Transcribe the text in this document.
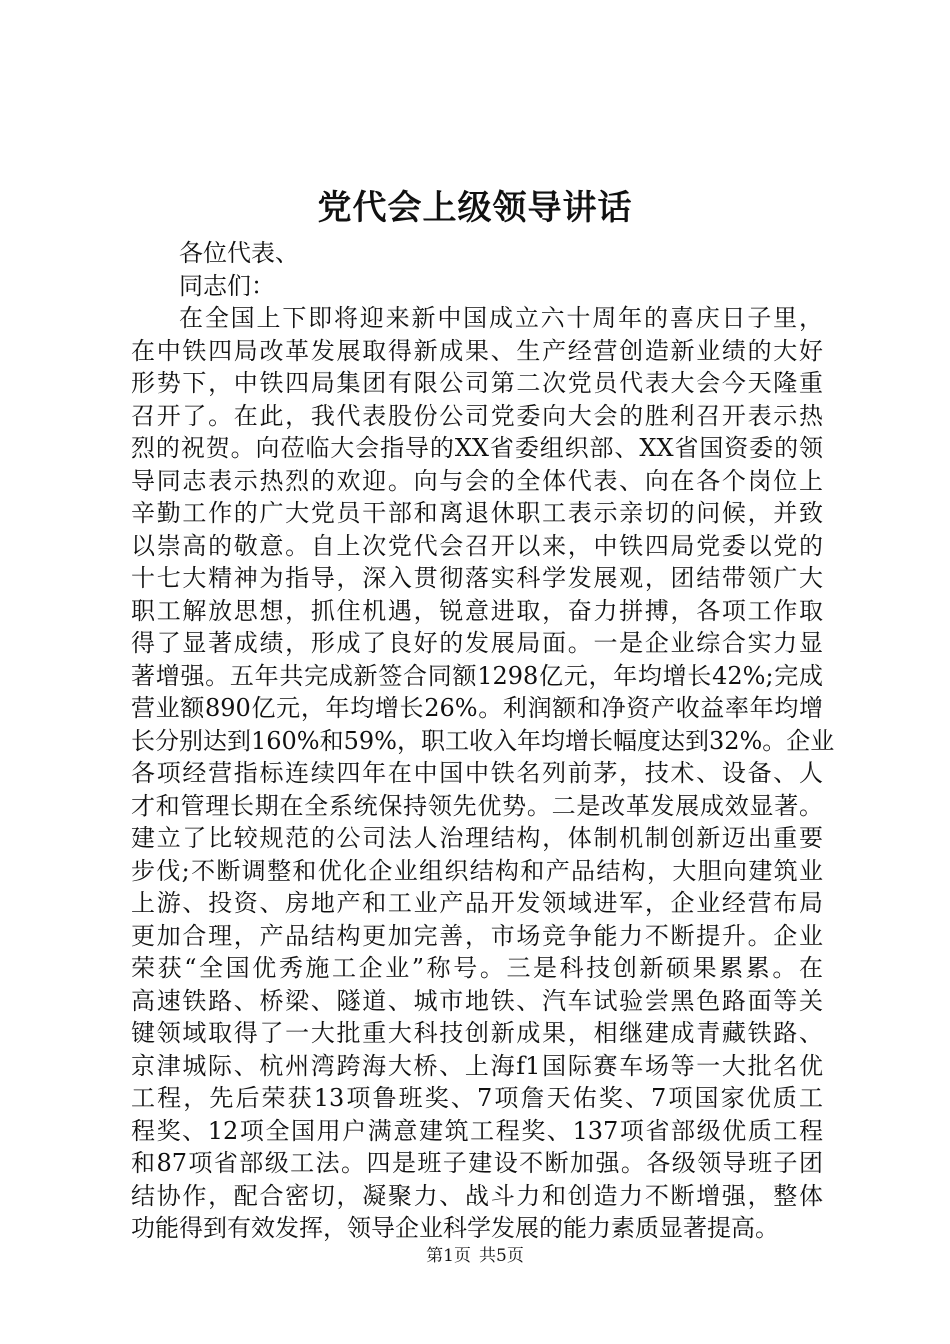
党代会上级领导讲话

各位代表、

同志们：

在全国上下即将迎来新中国成立六十周年的喜庆日子里，

在中铁四局改革发展取得新成果、生产经营创造新业绩的大好

形势下，中铁四局集团有限公司第二次党员代表大会今天隆重

召开了。在此，我代表股份公司党委向大会的胜利召开表示热

烈的祝贺。向莅临大会指导的XX省委组织部、XX省国资委的领

导同志表示热烈的欢迎。向与会的全体代表、向在各个岗位上

辛勤工作的广大党员干部和离退休职工表示亲切的问候，并致

以崇高的敬意。自上次党代会召开以来，中铁四局党委以党的

十七大精神为指导，深入贯彻落实科学发展观，团结带领广大

职工解放思想，抓住机遇，锐意进取，奋力拼搏，各项工作取

得了显著成绩，形成了良好的发展局面。一是企业综合实力显

著增强。五年共完成新签合同额1298亿元，年均增长42%;完成

营业额890亿元，年均增长26%。利润额和净资产收益率年均增

长分别达到160%和59%，职工收入年均增长幅度达到32%。企业

各项经营指标连续四年在中国中铁名列前茅，技术、设备、人

才和管理长期在全系统保持领先优势。二是改革发展成效显著。

建立了比较规范的公司法人治理结构，体制机制创新迈出重要

步伐;不断调整和优化企业组织结构和产品结构，大胆向建筑业

上游、投资、房地产和工业产品开发领域进军，企业经营布局

更加合理，产品结构更加完善，市场竞争能力不断提升。企业

荣获“全国优秀施工企业”称号。三是科技创新硕果累累。在

高速铁路、桥梁、隧道、城市地铁、汽车试验尝黑色路面等关

键领域取得了一大批重大科技创新成果，相继建成青藏铁路、

京津城际、杭州湾跨海大桥、上海f1国际赛车场等一大批名优

工程，先后荣获13项鲁班奖、7项詹天佑奖、7项国家优质工

程奖、12项全国用户满意建筑工程奖、137项省部级优质工程

和87项省部级工法。四是班子建设不断加强。各级领导班子团

结协作，配合密切，凝聚力、战斗力和创造力不断增强，整体

功能得到有效发挥，领导企业科学发展的能力素质显著提高。

第1页 共5页
